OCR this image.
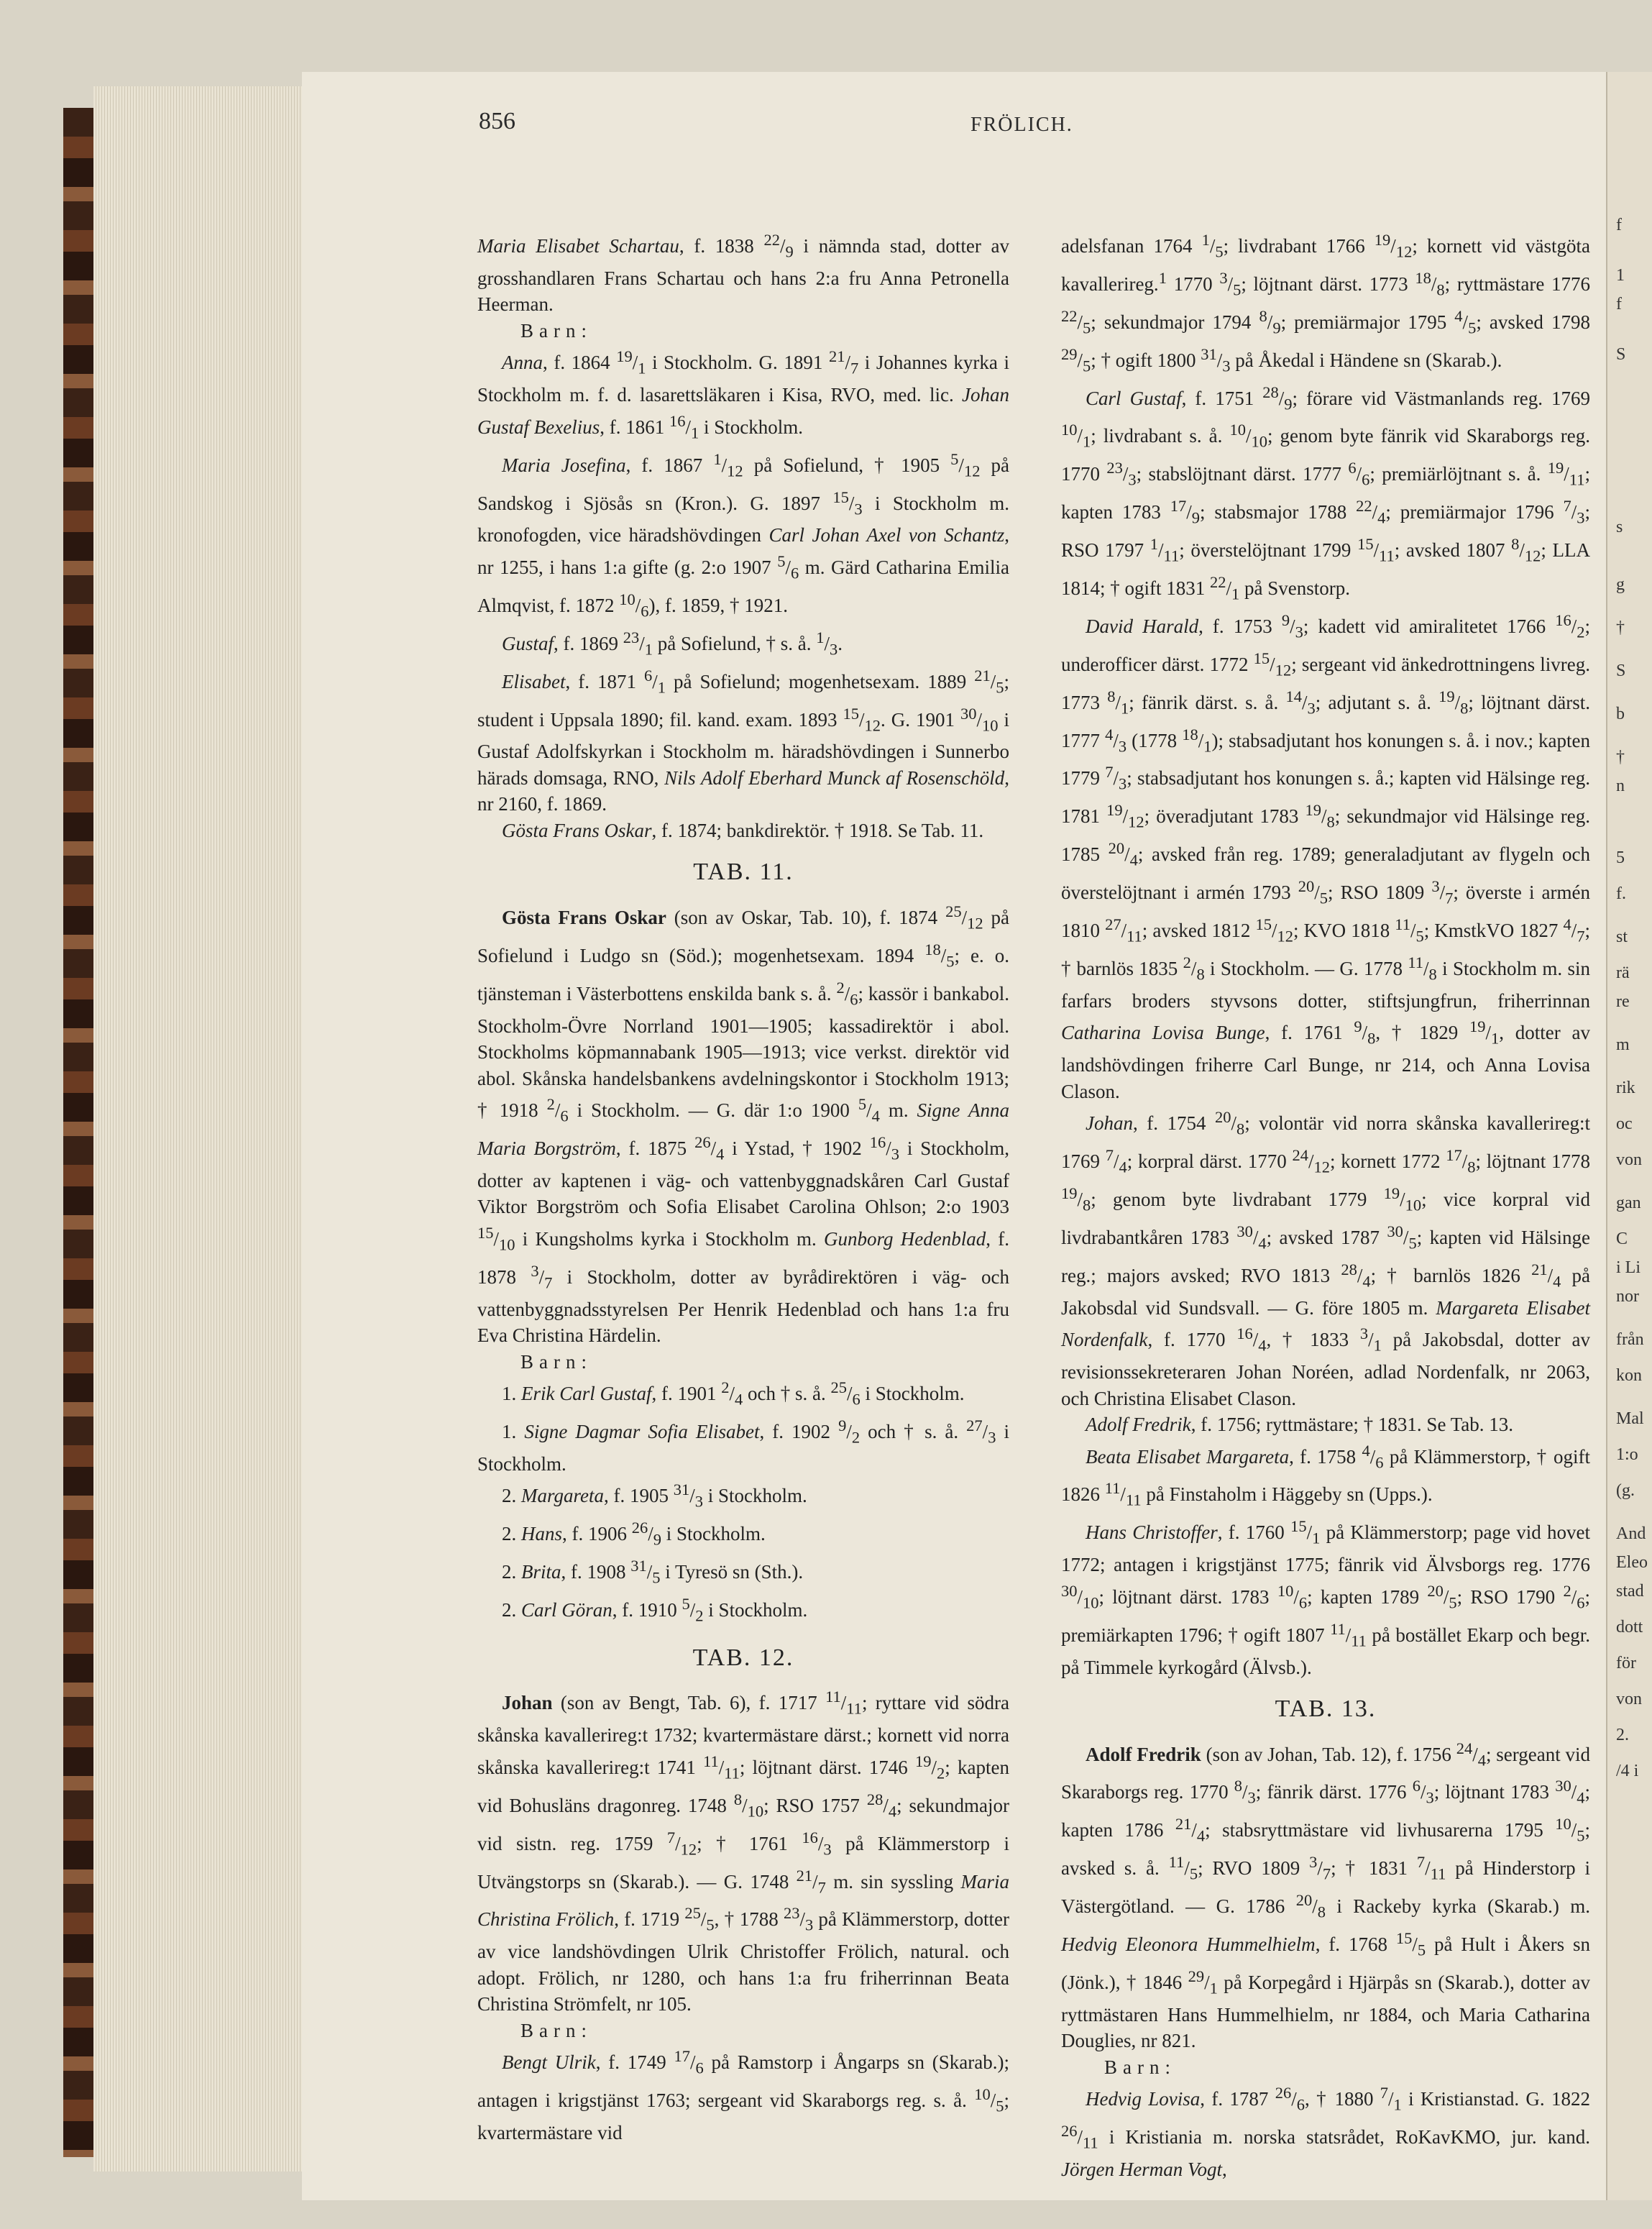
856	FRÖLICH.

Maria Elisabet Schartau, f. 1838 $^{22}/_9$ i nämnda stad, dotter av grosshandlaren Frans Schartau och hans 2:a fru Anna Petronella Heerman.

Barn:

Anna, f. 1864 $^{19}/_1$ i Stockholm. G. 1891 $^{21}/_7$ i Johannes kyrka i Stockholm m. f. d. lasarettsläkaren i Kisa, RVO, med. lic. Johan Gustaf Bexelius, f. 1861 $^{16}/_1$ i Stockholm.

Maria Josefina, f. 1867 $^1/_{12}$ på Sofielund, † 1905 $^5/_{12}$ på Sandskog i Sjösås sn (Kron.). G. 1897 $^{15}/_3$ i Stockholm m. kronofogden, vice häradshövdingen Carl Johan Axel von Schantz, nr 1255, i hans 1:a gifte (g. 2:o 1907 $^5/_6$ m. Gärd Catharina Emilia Almqvist, f. 1872 $^{10}/_6$), f. 1859, † 1921.

Gustaf, f. 1869 $^{23}/_1$ på Sofielund, † s. å. $^1/_3$.

Elisabet, f. 1871 $^6/_1$ på Sofielund; mogenhetsexam. 1889 $^{21}/_5$; student i Uppsala 1890; fil. kand. exam. 1893 $^{15}/_{12}$. G. 1901 $^{30}/_{10}$ i Gustaf Adolfskyrkan i Stockholm m. häradshövdingen i Sunnerbo härads domsaga, RNO, Nils Adolf Eberhard Munck af Rosenschöld, nr 2160, f. 1869.

Gösta Frans Oskar, f. 1874; bankdirektör. † 1918. Se Tab. 11.

TAB. 11.

Gösta Frans Oskar (son av Oskar, Tab. 10), f. 1874 $^{25}/_{12}$ på Sofielund i Ludgo sn (Söd.); mogenhetsexam. 1894 $^{18}/_5$; e. o. tjänsteman i Västerbottens enskilda bank s. å. $^2/_6$; kassör i bankabol. Stockholm-Övre Norrland 1901—1905; kassadirektör i abol. Stockholms köpmannabank 1905—1913; vice verkst. direktör vid abol. Skånska handelsbankens avdelningskontor i Stockholm 1913; † 1918 $^2/_6$ i Stockholm. — G. där 1:o 1900 $^5/_4$ m. Signe Anna Maria Borgström, f. 1875 $^{26}/_4$ i Ystad, † 1902 $^{16}/_3$ i Stockholm, dotter av kaptenen i väg- och vattenbyggnadskåren Carl Gustaf Viktor Borgström och Sofia Elisabet Carolina Ohlson; 2:o 1903 $^{15}/_{10}$ i Kungsholms kyrka i Stockholm m. Gunborg Hedenblad, f. 1878 $^3/_7$ i Stockholm, dotter av byrådirektören i väg- och vattenbyggnadsstyrelsen Per Henrik Hedenblad och hans 1:a fru Eva Christina Härdelin.

Barn:

1. Erik Carl Gustaf, f. 1901 $^2/_4$ och † s. å. $^{25}/_6$ i Stockholm.

1. Signe Dagmar Sofia Elisabet, f. 1902 $^9/_2$ och † s. å. $^{27}/_3$ i Stockholm.

2. Margareta, f. 1905 $^{31}/_3$ i Stockholm.

2. Hans, f. 1906 $^{26}/_9$ i Stockholm.

2. Brita, f. 1908 $^{31}/_5$ i Tyresö sn (Sth.).

2. Carl Göran, f. 1910 $^5/_2$ i Stockholm.

TAB. 12.

Johan (son av Bengt, Tab. 6), f. 1717 $^{11}/_{11}$; ryttare vid södra skånska kavallerireg:t 1732; kvartermästare därst.; kornett vid norra skånska kavallerireg:t 1741 $^{11}/_{11}$; löjtnant därst. 1746 $^{19}/_2$; kapten vid Bohusläns dragonreg. 1748 $^8/_{10}$; RSO 1757 $^{28}/_4$; sekundmajor vid sistn. reg. 1759 $^7/_{12}$; † 1761 $^{16}/_3$ på Klämmerstorp i Utvängstorps sn (Skarab.). — G. 1748 $^{21}/_7$ m. sin syssling Maria Christina Frölich, f. 1719 $^{25}/_5$, † 1788 $^{23}/_3$ på Klämmerstorp, dotter av vice landshövdingen Ulrik Christoffer Frölich, natural. och adopt. Frölich, nr 1280, och hans 1:a fru friherrinnan Beata Christina Strömfelt, nr 105.

Barn:

Bengt Ulrik, f. 1749 $^{17}/_6$ på Ramstorp i Ångarps sn (Skarab.); antagen i krigstjänst 1763; sergeant vid Skaraborgs reg. s. å. $^{10}/_5$; kvartermästare vid

adelsfanan 1764 $^1/_5$; livdrabant 1766 $^{19}/_{12}$; kornett vid västgöta kavallerireg.$^1$ 1770 $^3/_5$; löjtnant därst. 1773 $^{18}/_8$; ryttmästare 1776 $^{22}/_5$; sekundmajor 1794 $^8/_9$; premiärmajor 1795 $^4/_5$; avsked 1798 $^{29}/_5$; † ogift 1800 $^{31}/_3$ på Åkedal i Händene sn (Skarab.).

Carl Gustaf, f. 1751 $^{28}/_9$; förare vid Västmanlands reg. 1769 $^{10}/_1$; livdrabant s. å. $^{10}/_{10}$; genom byte fänrik vid Skaraborgs reg. 1770 $^{23}/_3$; stabslöjtnant därst. 1777 $^6/_6$; premiärlöjtnant s. å. $^{19}/_{11}$; kapten 1783 $^{17}/_9$; stabsmajor 1788 $^{22}/_4$; premiärmajor 1796 $^7/_3$; RSO 1797 $^1/_{11}$; överstelöjtnant 1799 $^{15}/_{11}$; avsked 1807 $^8/_{12}$; LLA 1814; † ogift 1831 $^{22}/_1$ på Svenstorp.

David Harald, f. 1753 $^9/_3$; kadett vid amiralitetet 1766 $^{16}/_2$; underofficer därst. 1772 $^{15}/_{12}$; sergeant vid änkedrottningens livreg. 1773 $^8/_1$; fänrik därst. s. å. $^{14}/_3$; adjutant s. å. $^{19}/_8$; löjtnant därst. 1777 $^4/_3$ (1778 $^{18}/_1$); stabsadjutant hos konungen s. å. i nov.; kapten 1779 $^7/_3$; stabsadjutant hos konungen s. å.; kapten vid Hälsinge reg. 1781 $^{19}/_{12}$; överadjutant 1783 $^{19}/_8$; sekundmajor vid Hälsinge reg. 1785 $^{20}/_4$; avsked från reg. 1789; generaladjutant av flygeln och överstelöjtnant i armén 1793 $^{20}/_5$; RSO 1809 $^3/_7$; överste i armén 1810 $^{27}/_{11}$; avsked 1812 $^{15}/_{12}$; KVO 1818 $^{11}/_5$; KmstkVO 1827 $^4/_7$; † barnlös 1835 $^2/_8$ i Stockholm. — G. 1778 $^{11}/_8$ i Stockholm m. sin farfars broders styvsons dotter, stiftsjungfrun, friherrinnan Catharina Lovisa Bunge, f. 1761 $^9/_8$, † 1829 $^{19}/_1$, dotter av landshövdingen friherre Carl Bunge, nr 214, och Anna Lovisa Clason.

Johan, f. 1754 $^{20}/_8$; volontär vid norra skånska kavallerireg:t 1769 $^7/_4$; korpral därst. 1770 $^{24}/_{12}$; kornett 1772 $^{17}/_8$; löjtnant 1778 $^{19}/_8$; genom byte livdrabant 1779 $^{19}/_{10}$; vice korpral vid livdrabantkåren 1783 $^{30}/_4$; avsked 1787 $^{30}/_5$; kapten vid Hälsinge reg.; majors avsked; RVO 1813 $^{28}/_4$; † barnlös 1826 $^{21}/_4$ på Jakobsdal vid Sundsvall. — G. före 1805 m. Margareta Elisabet Nordenfalk, f. 1770 $^{16}/_4$, † 1833 $^3/_1$ på Jakobsdal, dotter av revisionssekreteraren Johan Noréen, adlad Nordenfalk, nr 2063, och Christina Elisabet Clason.

Adolf Fredrik, f. 1756; ryttmästare; † 1831. Se Tab. 13.

Beata Elisabet Margareta, f. 1758 $^4/_6$ på Klämmerstorp, † ogift 1826 $^{11}/_{11}$ på Finstaholm i Häggeby sn (Upps.).

Hans Christoffer, f. 1760 $^{15}/_1$ på Klämmerstorp; page vid hovet 1772; antagen i krigstjänst 1775; fänrik vid Älvsborgs reg. 1776 $^{30}/_{10}$; löjtnant därst. 1783 $^{10}/_6$; kapten 1789 $^{20}/_5$; RSO 1790 $^2/_6$; premiärkapten 1796; † ogift 1807 $^{11}/_{11}$ på bostället Ekarp och begr. på Timmele kyrkogård (Älvsb.).

TAB. 13.

Adolf Fredrik (son av Johan, Tab. 12), f. 1756 $^{24}/_4$; sergeant vid Skaraborgs reg. 1770 $^8/_3$; fänrik därst. 1776 $^6/_3$; löjtnant 1783 $^{30}/_4$; kapten 1786 $^{21}/_4$; stabsryttmästare vid livhusarerna 1795 $^{10}/_5$; avsked s. å. $^{11}/_5$; RVO 1809 $^3/_7$; † 1831 $^7/_{11}$ på Hinderstorp i Västergötland. — G. 1786 $^{20}/_8$ i Rackeby kyrka (Skarab.) m. Hedvig Eleonora Hummelhielm, f. 1768 $^{15}/_5$ på Hult i Åkers sn (Jönk.), † 1846 $^{29}/_1$ på Korpegård i Hjärpås sn (Skarab.), dotter av ryttmästaren Hans Hummelhielm, nr 1884, och Maria Catharina Douglies, nr 821.

Barn:

Hedvig Lovisa, f. 1787 $^{26}/_6$, † 1880 $^7/_1$ i Kristianstad. G. 1822 $^{26}/_{11}$ i Kristiania m. norska statsrådet, RoKavKMO, jur. kand. Jörgen Herman Vogt,

f
1
f
S
s
g
†
S
b
†
n
5
f.
st
rä
re
m
rik
oc
von
gan
C
i Li
nor
från
kon
Mal
1:o
(g.
And
Eleo
stad
dott
för
von
2.
/4 i
